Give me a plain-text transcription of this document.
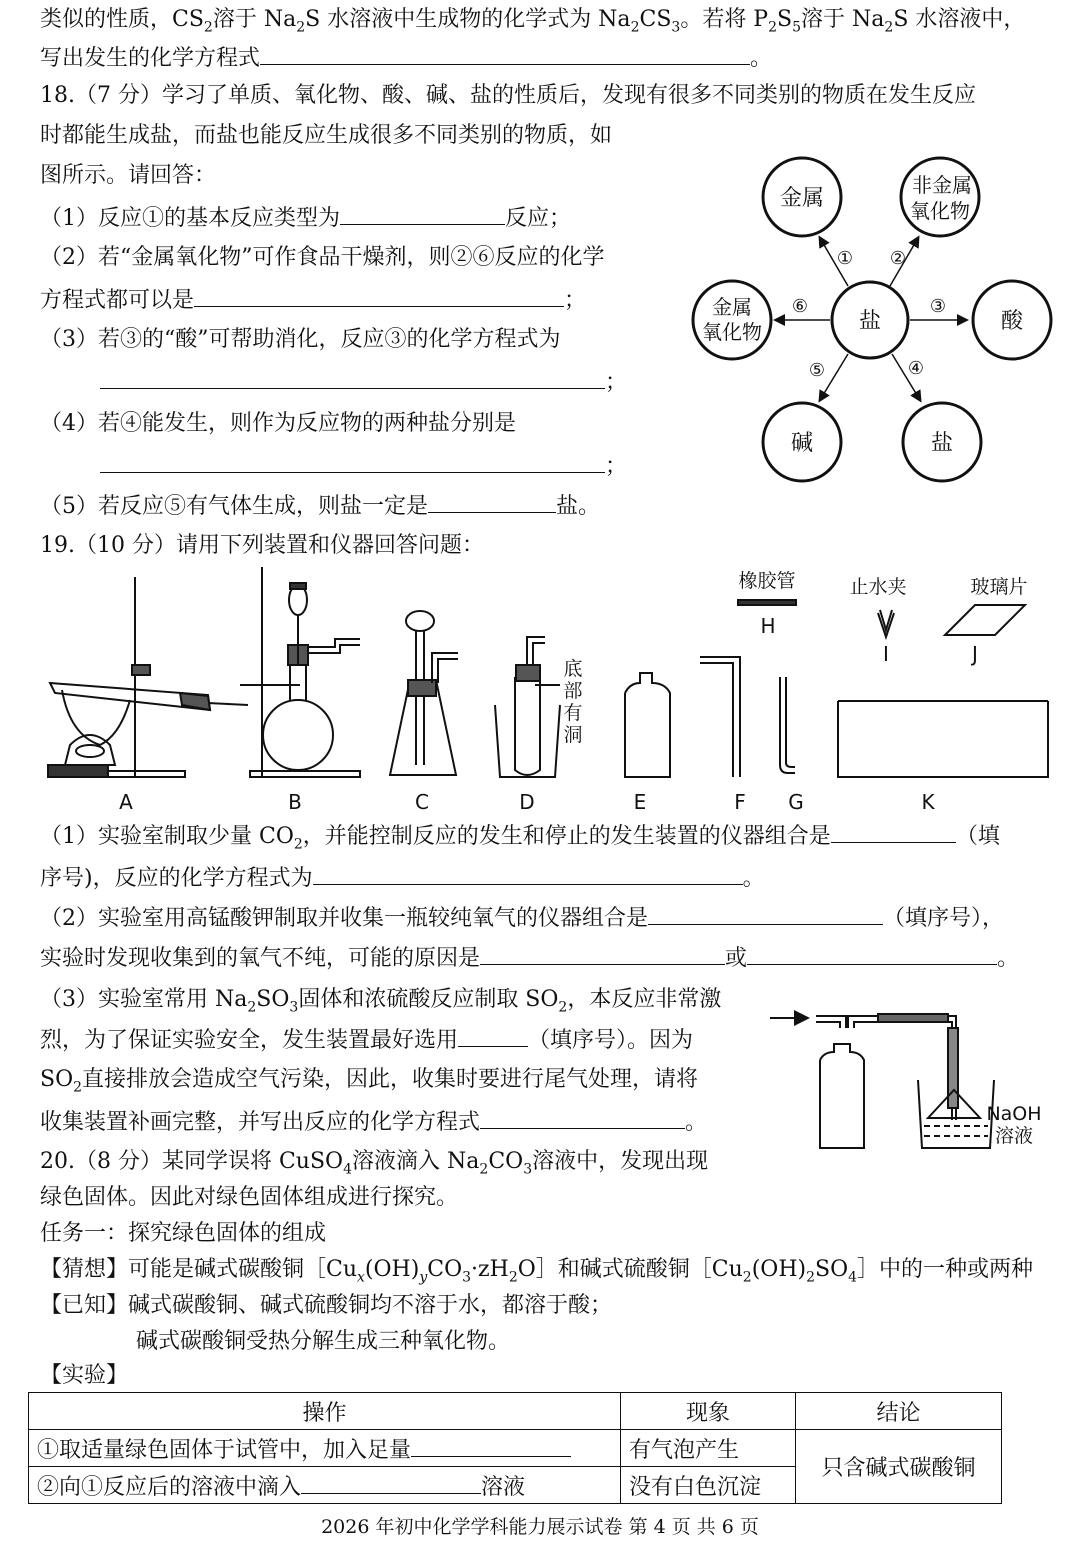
类似的性质，$CS_2$溶于 $Na_2S$ 水溶液中生成物的化学式为 $Na_2CS_3$。若将 $P_2S_5$溶于 $Na_2S$ 水溶液中，
写出发生的化学方程式	。
18.（7 分）学习了单质、氧化物、酸、碱、盐的性质后，发现有很多不同类别的物质在发生反应
时都能生成盐，而盐也能反应生成很多不同类别的物质，如
图所示。请回答：
（1）反应①的基本反应类型为	反应；
（2）若“金属氧化物”可作食品干燥剂，则②⑥反应的化学
方程式都可以是	；
（3）若③的“酸”可帮助消化，反应③的化学方程式为
；
（4）若④能发生，则作为反应物的两种盐分别是
；
（5）若反应⑤有气体生成，则盐一定是	盐。
盐
金属
非金属
氧化物
酸
金属
氧化物
碱	盐
① ②
③
⑥
⑤	④
19.（10 分）请用下列装置和仪器回答问题：
A	B	C	D	E	F G	K
H
I	J
橡胶管	止水夹	玻璃片
底
部
有
洞
（1）实验室制取少量 $CO_2$，并能控制反应的发生和停止的发生装置的仪器组合是	（填
序号)，反应的化学方程式为	。
（2）实验室用高锰酸钾制取并收集一瓶较纯氧气的仪器组合是	（填序号），
实验时发现收集到的氧气不纯，可能的原因是	或	。
（3）实验室常用 $Na_2SO_3$固体和浓硫酸反应制取 $SO_2$，本反应非常激
烈，为了保证实验安全，发生装置最好选用	（填序号）。因为
$SO_2$直接排放会造成空气污染，因此，收集时要进行尾气处理，请将
收集装置补画完整，并写出反应的化学方程式	。	NaOH
溶液
20.（8 分）某同学误将 CuSO$_4$溶液滴入 $Na_2CO_3$溶液中，发现出现
绿色固体。因此对绿色固体组成进行探究。
任务一：探究绿色固体的组成
【猜想】可能是碱式碳酸铜$[Cu_x(OH)_yCO_3\cdot zH_2O]$和碱式硫酸铜$[Cu_2(OH)_2SO_4]$中的一种或两种
【已知】碱式碳酸铜、碱式硫酸铜均不溶于水，都溶于酸；
碱式碳酸铜受热分解生成三种氧化物。
【实验】
操作	现象	结论
①取适量绿色固体于试管中，加入足量	有气泡产生	只含碱式碳酸铜
②向①反应后的溶液中滴入 溶液	没有白色沉淀	
2026 年初中化学学科能力展示试卷 第 4 页 共 6 页
